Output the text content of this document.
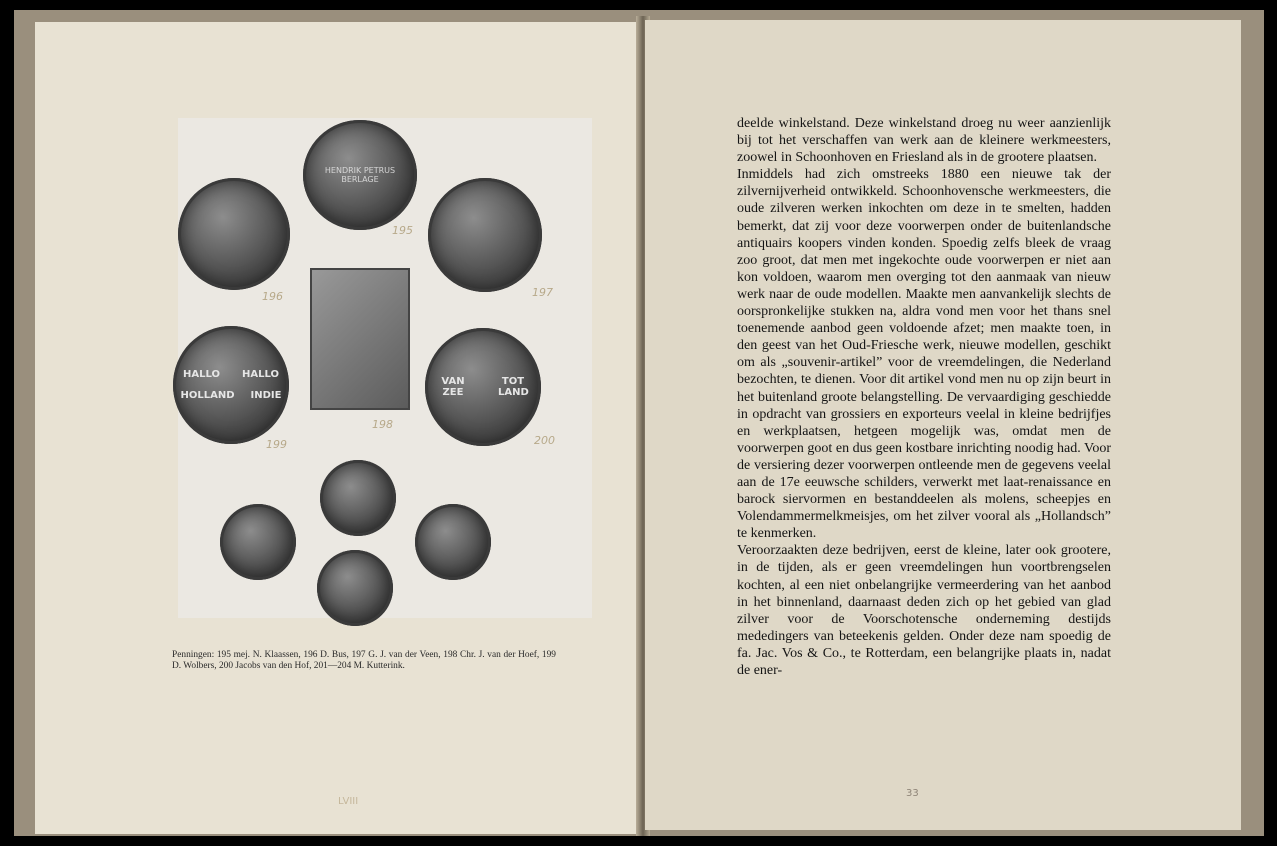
HENDRIK PETRUS BERLAGE
HALLO HALLO
HOLLAND INDIE
VAN ZEE
TOT LAND
195
196	197
198
199	200
Penningen: 195 mej. N. Klaassen, 196 D. Bus, 197 G. J. van der Veen, 198 Chr. J. van der Hoef, 199 D. Wolbers, 200 Jacobs van den Hof, 201—204 M. Kutterink.
LVIII

deelde winkelstand. Deze winkelstand droeg nu weer aanzienlijk bij tot het verschaffen van werk aan de kleinere werkmeesters, zoowel in Schoonhoven en Friesland als in de grootere plaatsen.

Inmiddels had zich omstreeks 1880 een nieuwe tak der zilvernijverheid ontwikkeld. Schoonhovensche werkmeesters, die oude zilveren werken inkochten om deze in te smelten, hadden bemerkt, dat zij voor deze voorwerpen onder de buitenlandsche antiquairs koopers vinden konden. Spoedig zelfs bleek de vraag zoo groot, dat men met ingekochte oude voorwerpen er niet aan kon voldoen, waarom men overging tot den aanmaak van nieuw werk naar de oude modellen. Maakte men aanvankelijk slechts de oorspronkelijke stukken na, aldra vond men voor het thans snel toenemende aanbod geen voldoende afzet; men maakte toen, in den geest van het Oud-Friesche werk, nieuwe modellen, geschikt om als „souvenir-artikel” voor de vreemdelingen, die Nederland bezochten, te dienen. Voor dit artikel vond men nu op zijn beurt in het buitenland groote belangstelling. De vervaardiging geschiedde in opdracht van grossiers en exporteurs veelal in kleine bedrijfjes en werkplaatsen, hetgeen mogelijk was, omdat men de voorwerpen goot en dus geen kostbare inrichting noodig had. Voor de versiering dezer voorwerpen ontleende men de gegevens veelal aan de 17e eeuwsche schilders, verwerkt met laat-renaissance en barock siervormen en bestanddeelen als molens, scheepjes en Volendammermelkmeisjes, om het zilver vooral als „Hollandsch” te kenmerken.

Veroorzaakten deze bedrijven, eerst de kleine, later ook grootere, in de tijden, als er geen vreemdelingen hun voortbrengselen kochten, al een niet onbelangrijke vermeerdering van het aanbod in het binnenland, daarnaast deden zich op het gebied van glad zilver voor de Voorschotensche onderneming destijds mededingers van beteekenis gelden. Onder deze nam spoedig de fa. Jac. Vos & Co., te Rotterdam, een belangrijke plaats in, nadat de ener-

33
